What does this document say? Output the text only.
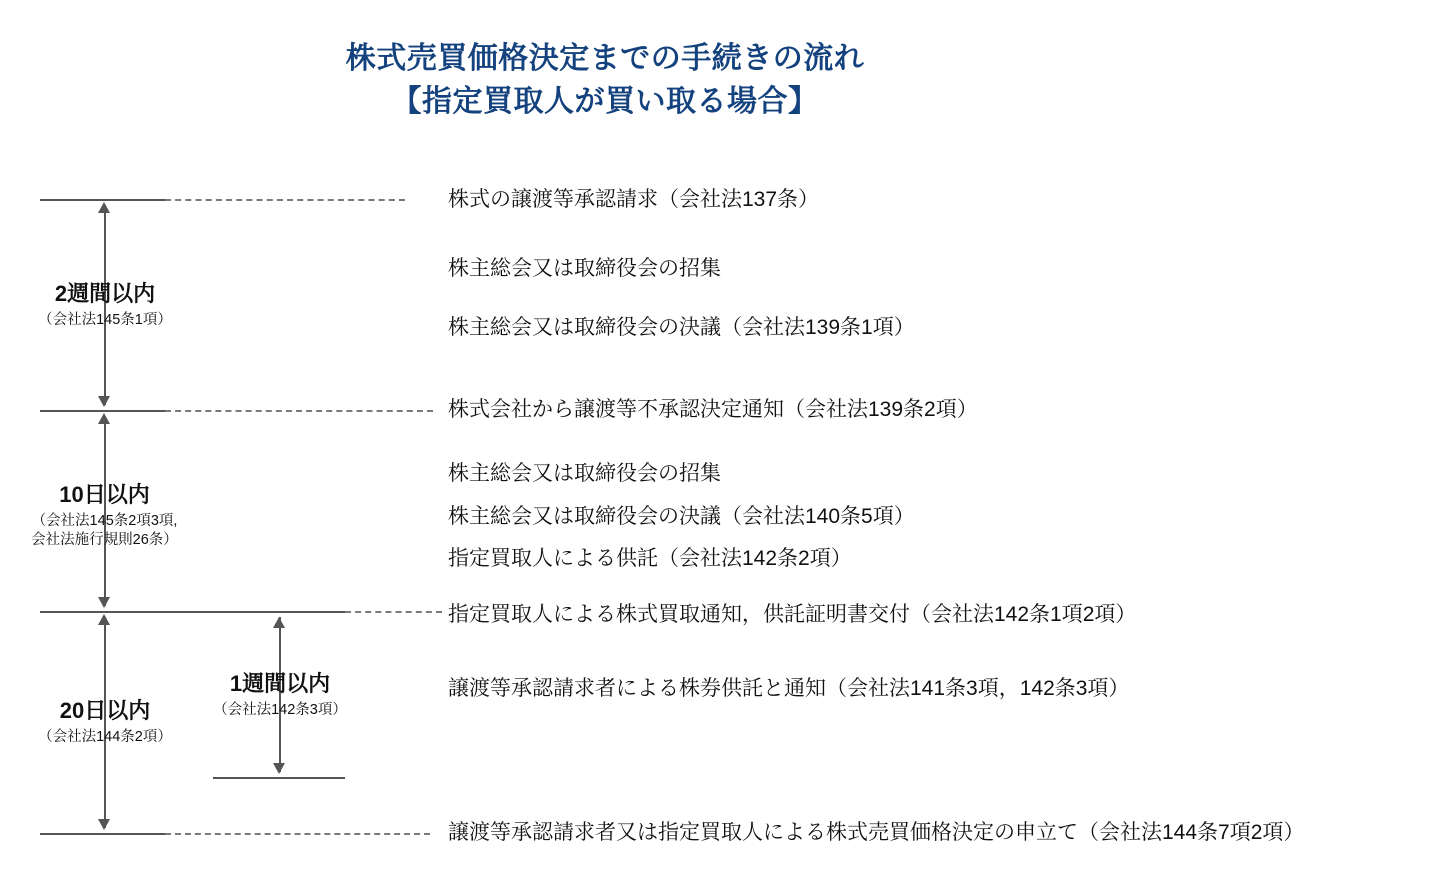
株式売買価格決定までの手続きの流れ
【指定買取人が買い取る場合】
2週間以内
（会社法145条1項）
10日以内
（会社法145条2項3項,
会社法施行規則26条）
20日以内
（会社法144条2項）
1週間以内
（会社法142条3項）
株式の譲渡等承認請求（会社法137条）
株主総会又は取締役会の招集
株主総会又は取締役会の決議（会社法139条1項）
株式会社から譲渡等不承認決定通知（会社法139条2項）
株主総会又は取締役会の招集
株主総会又は取締役会の決議（会社法140条5項）
指定買取人による供託（会社法142条2項）
指定買取人による株式買取通知，供託証明書交付（会社法142条1項2項）
譲渡等承認請求者による株券供託と通知（会社法141条3項，142条3項）
譲渡等承認請求者又は指定買取人による株式売買価格決定の申立て（会社法144条7項2項）
